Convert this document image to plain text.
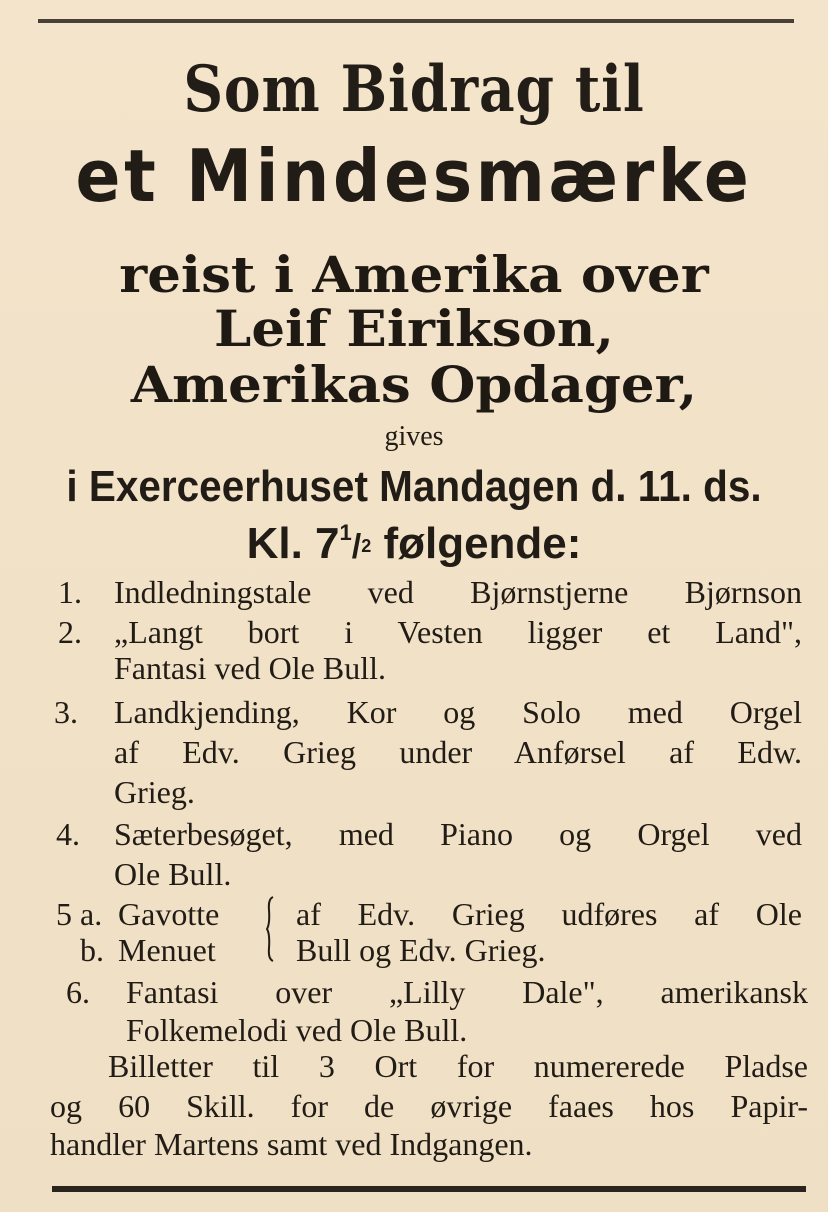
Som Bidrag til
et Mindesmærke
reist i Amerika over
Leif Eirikson,
Amerikas Opdager,
gives
i Exerceerhuset Mandagen d. 11. ds.
Kl. $7^1/_2$ følgende:
1. Indledningstale ved Bjørnstjerne Bjørnson
2. „Langt bort i Vesten ligger et Land",
Fantasi ved Ole Bull.
3. Landkjending, Kor og Solo med Orgel
af Edv. Grieg under Anførsel af Edw.
Grieg.
4. Sæterbesøget, med Piano og Orgel ved
Ole Bull.
5 a. Gavotte
b. Menuet
af Edv. Grieg udføres af Ole
Bull og Edv. Grieg.
6. Fantasi over „Lilly Dale", amerikansk
Folkemelodi ved Ole Bull.
Billetter til 3 Ort for numererede Pladse
og 60 Skill. for de øvrige faaes hos Papir-
handler Martens samt ved Indgangen.
